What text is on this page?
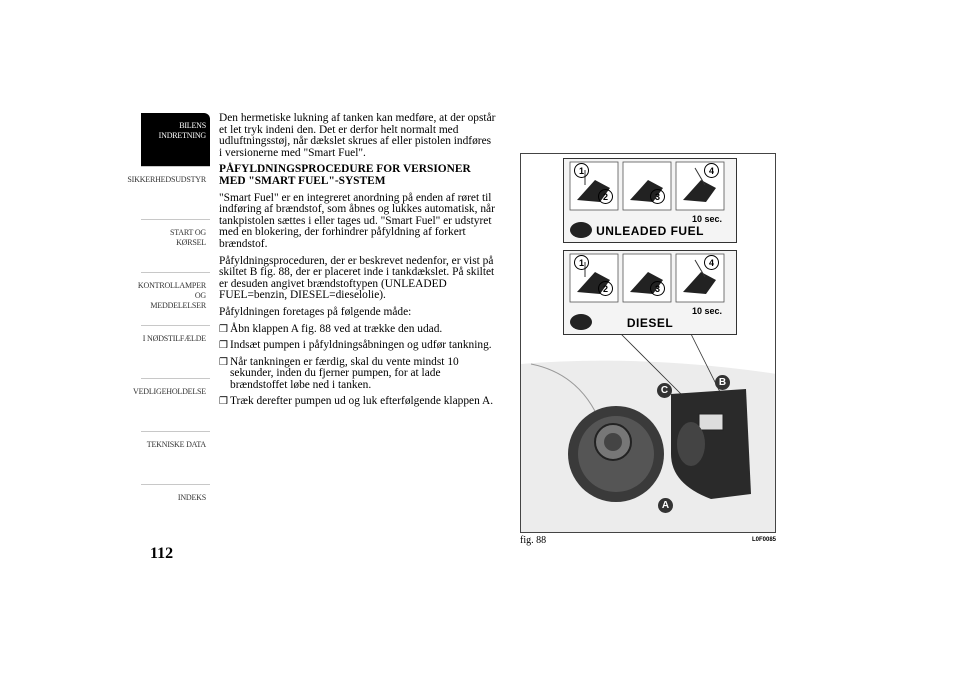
BILENS
INDRETNING
SIKKERHEDSUDSTYR
START OG KØRSEL
KONTROLLAMPER
OG MEDDELELSER
I NØDSTILFÆLDE
VEDLIGEHOLDELSE
TEKNISKE DATA
INDEKS
112

Den hermetiske lukning af tanken kan medføre, at der opstår et let tryk indeni den. Det er derfor helt normalt med udluftningsstøj, når dækslet skrues af eller pistolen indføres i versionerne med "Smart Fuel".

PÅFYLDNINGSPROCEDURE FOR VERSIONER MED "SMART FUEL"-SYSTEM

"Smart Fuel" er en integreret anordning på enden af røret til indføring af brændstof, som åbnes og lukkes automatisk, når tankpistolen sættes i eller tages ud. "Smart Fuel" er udstyret med en blokering, der forhindrer påfyldning af forkert brændstof.

Påfyldningsproceduren, der er beskrevet nedenfor, er vist på skiltet B fig. 88, der er placeret inde i tankdækslet. På skiltet er desuden angivet brændstoftypen (UNLEADED FUEL=benzin, DIESEL=dieselolie).

Påfyldningen foretages på følgende måde:

❒ Åbn klappen A fig. 88 ved at trække den udad.
❒ Indsæt pumpen i påfyldningsåbningen og udfør tankning.
❒ Når tankningen er færdig, skal du vente mindst 10 sekunder, inden du fjerner pumpen, for at lade brændstoffet løbe ned i tanken.
❒ Træk derefter pumpen ud og luk efterfølgende klappen A.
1
2	3
4
10 sec.
UNLEADED FUEL
1
2	3
4
10 sec.
DIESEL
C
B
A
fig. 88	L0F0085
